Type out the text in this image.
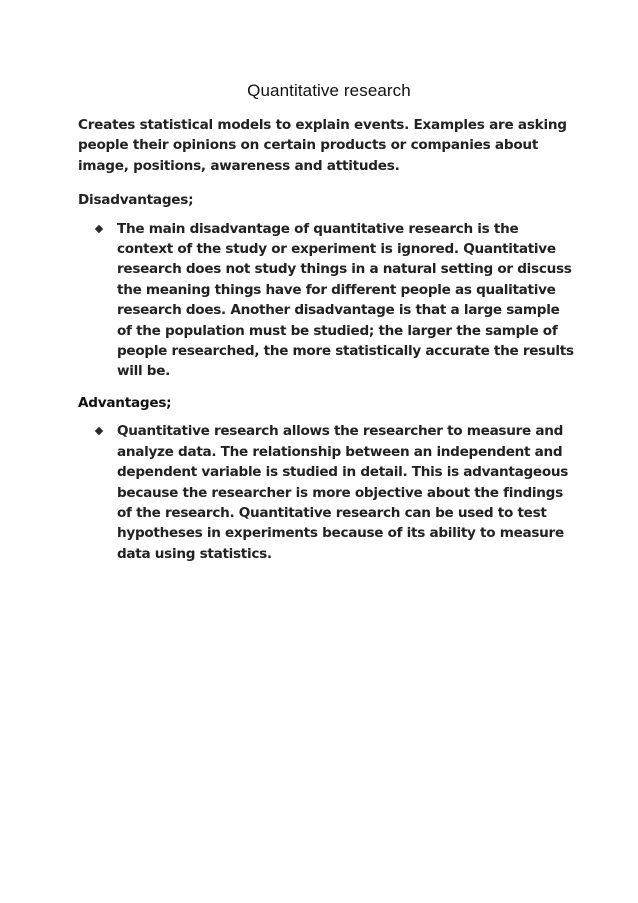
Quantitative research

Creates statistical models to explain events. Examples are asking people their opinions on certain products or companies about image, positions, awareness and attitudes.

Disadvantages;

The main disadvantage of quantitative research is the context of the study or experiment is ignored. Quantitative research does not study things in a natural setting or discuss the meaning things have for different people as qualitative research does. Another disadvantage is that a large sample of the population must be studied; the larger the sample of people researched, the more statistically accurate the results will be.

Advantages;

Quantitative research allows the researcher to measure and analyze data. The relationship between an independent and dependent variable is studied in detail. This is advantageous because the researcher is more objective about the findings of the research. Quantitative research can be used to test hypotheses in experiments because of its ability to measure data using statistics.
